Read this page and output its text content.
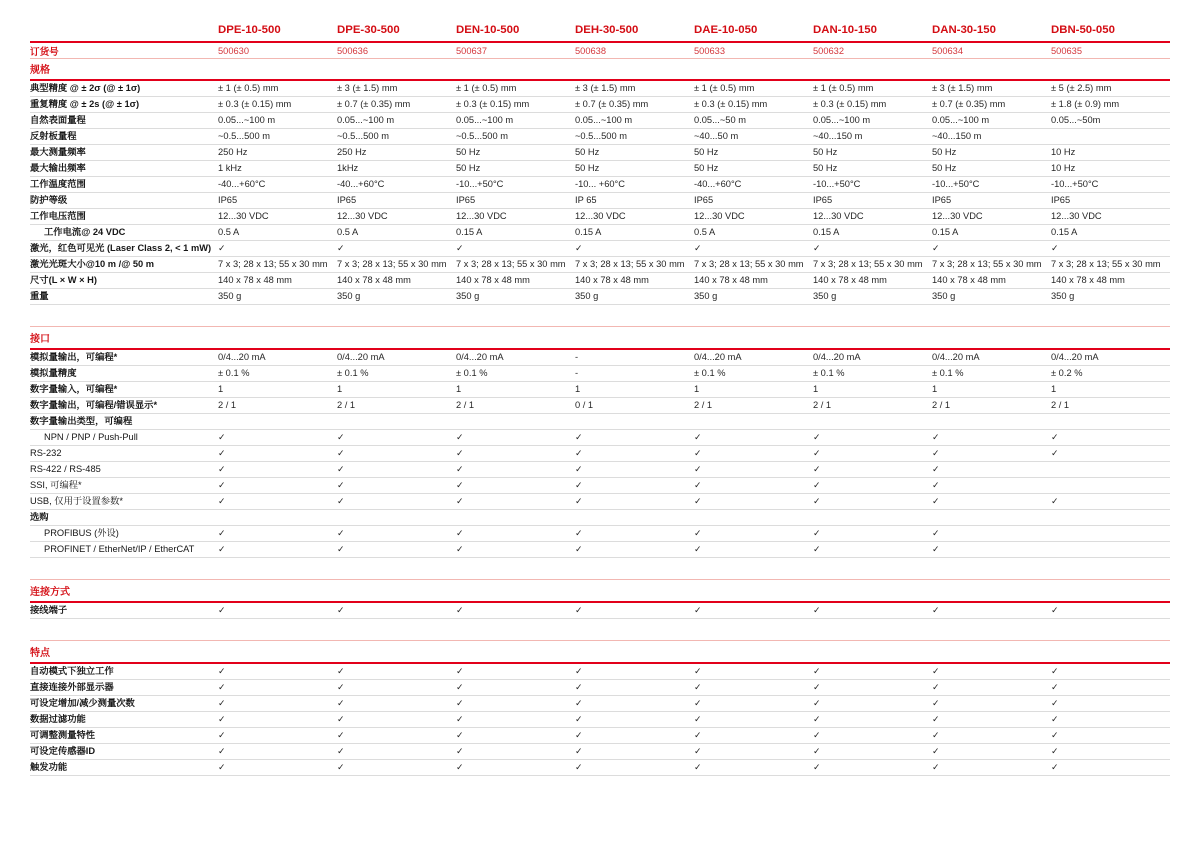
DPE-10-500	DPE-30-500	DEN-10-500	DEH-30-500	DAE-10-050	DAN-10-150	DAN-30-150	DBN-50-050
订货号	500630	500636	500637	500638	500633	500632	500634	500635
规格
典型精度 @ ± 2σ (@ ± 1σ)	± 1 (± 0.5) mm	± 3 (± 1.5) mm	± 1 (± 0.5) mm	± 3 (± 1.5) mm	± 1 (± 0.5) mm	± 1 (± 0.5) mm	± 3 (± 1.5) mm	± 5 (± 2.5) mm
重复精度 @ ± 2s (@ ± 1σ)	± 0.3 (± 0.15) mm	± 0.7 (± 0.35) mm	± 0.3 (± 0.15) mm	± 0.7 (± 0.35) mm	± 0.3 (± 0.15) mm	± 0.3 (± 0.15) mm	± 0.7 (± 0.35) mm	± 1.8 (± 0.9) mm
自然表面量程	0.05...~100 m	0.05...~100 m	0.05...~100 m	0.05...~100 m	0.05...~50 m	0.05...~100 m	0.05...~100 m	0.05...~50m
反射板量程	~0.5...500 m	~0.5...500 m	~0.5...500 m	~0.5...500 m	~40...50 m	~40...150 m	~40...150 m
最大测量频率	250 Hz	250 Hz	50 Hz	50 Hz	50 Hz	50 Hz	50 Hz	10 Hz
最大输出频率	1 kHz	1kHz	50 Hz	50 Hz	50 Hz	50 Hz	50 Hz	10 Hz
工作温度范围	-40...+60°C	-40...+60°C	-10...+50°C	-10... +60°C	-40...+60°C	-10...+50°C	-10...+50°C	-10...+50°C
防护等级	IP65	IP65	IP65	IP 65	IP65	IP65	IP65	IP65
工作电压范围	12...30 VDC	12...30 VDC	12...30 VDC	12...30 VDC	12...30 VDC	12...30 VDC	12...30 VDC	12...30 VDC
工作电流@ 24 VDC	0.5 A	0.5 A	0.15 A	0.15 A	0.5 A	0.15 A	0.15 A	0.15 A
激光，红色可见光 (Laser Class 2, < 1 mW) ✓	✓	✓	✓	✓	✓	✓	✓
激光光斑大小@10 m /@ 50 m	7 x 3; 28 x 13; 55 x 30 mm	7 x 3; 28 x 13; 55 x 30 mm	7 x 3; 28 x 13; 55 x 30 mm	7 x 3; 28 x 13; 55 x 30 mm	7 x 3; 28 x 13; 55 x 30 mm	7 x 3; 28 x 13; 55 x 30 mm	7 x 3; 28 x 13; 55 x 30 mm	7 x 3; 28 x 13; 55 x 30 mm
尺寸(L × W × H)	140 x 78 x 48 mm	140 x 78 x 48 mm	140 x 78 x 48 mm	140 x 78 x 48 mm	140 x 78 x 48 mm	140 x 78 x 48 mm	140 x 78 x 48 mm	140 x 78 x 48 mm
重量	350 g	350 g	350 g	350 g	350 g	350 g	350 g	350 g
接口
模拟量输出，可编程*	0/4...20 mA	0/4...20 mA	0/4...20 mA	-	0/4...20 mA	0/4...20 mA	0/4...20 mA	0/4...20 mA
模拟量精度	± 0.1 %	± 0.1 %	± 0.1 %	-	± 0.1 %	± 0.1 %	± 0.1 %	± 0.2 %
数字量输入，可编程*	1	1	1	1	1	1	1	1
数字量输出，可编程/错误显示*	2 / 1	2 / 1	2 / 1	0 / 1	2 / 1	2 / 1	2 / 1	2 / 1
数字量输出类型，可编程
NPN / PNP / Push-Pull	✓	✓	✓	✓	✓	✓	✓	✓
RS-232	✓	✓	✓	✓	✓	✓	✓	✓
RS-422 / RS-485	✓	✓	✓	✓	✓	✓	✓
SSI, 可编程*	✓	✓	✓	✓	✓	✓	✓
USB, 仅用于设置参数*	✓	✓	✓	✓	✓	✓	✓	✓
选购
PROFIBUS (外设)	✓	✓	✓	✓	✓	✓	✓
PROFINET / EtherNet/IP / EtherCAT	✓	✓	✓	✓	✓	✓	✓
连接方式
接线端子	✓	✓	✓	✓	✓	✓	✓	✓
特点
自动模式下独立工作	✓	✓	✓	✓	✓	✓	✓	✓
直接连接外部显示器	✓	✓	✓	✓	✓	✓	✓	✓
可设定增加/减少测量次数	✓	✓	✓	✓	✓	✓	✓	✓
数据过滤功能	✓	✓	✓	✓	✓	✓	✓	✓
可调整测量特性	✓	✓	✓	✓	✓	✓	✓	✓
可设定传感器ID	✓	✓	✓	✓	✓	✓	✓	✓
触发功能	✓	✓	✓	✓	✓	✓	✓	✓
